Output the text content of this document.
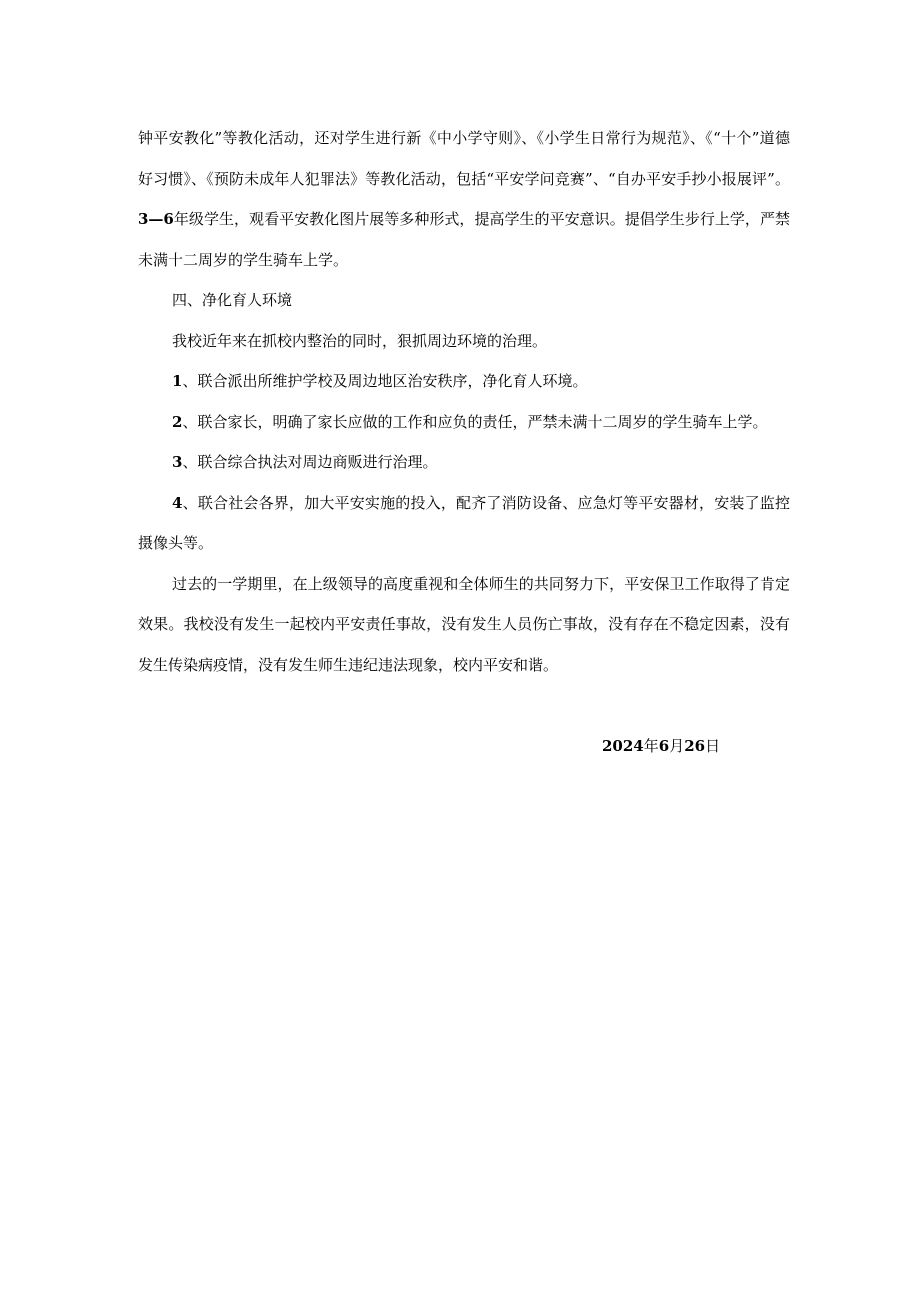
钟平安教化”等教化活动，还对学生进行新《中小学守则》、《小学生日常行为规范》、《“十个”道德好习惯》、《预防未成年人犯罪法》等教化活动，包括“平安学问竞赛”、“自办平安手抄小报展评”。3—6年级学生，观看平安教化图片展等多种形式，提高学生的平安意识。提倡学生步行上学，严禁未满十二周岁的学生骑车上学。

四、净化育人环境

我校近年来在抓校内整治的同时，狠抓周边环境的治理。

1、联合派出所维护学校及周边地区治安秩序，净化育人环境。

2、联合家长，明确了家长应做的工作和应负的责任，严禁未满十二周岁的学生骑车上学。

3、联合综合执法对周边商贩进行治理。

4、联合社会各界，加大平安实施的投入，配齐了消防设备、应急灯等平安器材，安装了监控摄像头等。

过去的一学期里，在上级领导的高度重视和全体师生的共同努力下，平安保卫工作取得了肯定效果。我校没有发生一起校内平安责任事故，没有发生人员伤亡事故，没有存在不稳定因素，没有发生传染病疫情，没有发生师生违纪违法现象，校内平安和谐。

2024年6月26日
